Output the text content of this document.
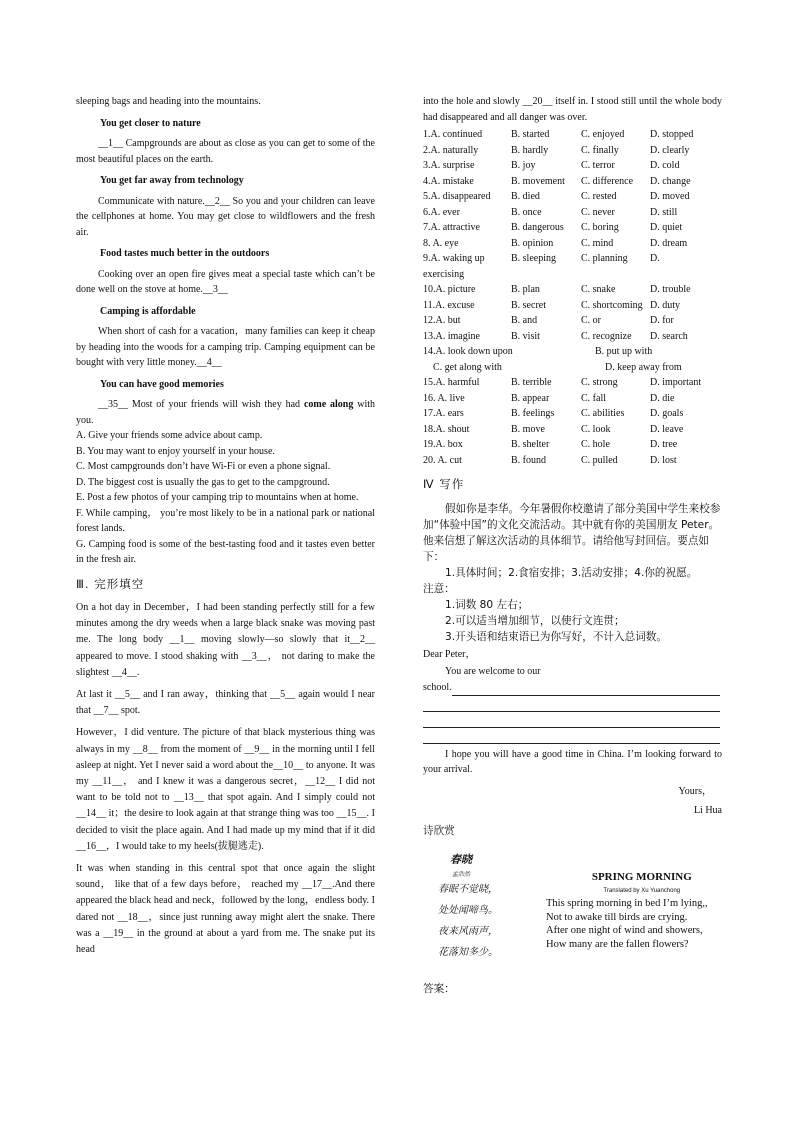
sleeping bags and heading into the mountains.

You get closer to nature

__1__ Campgrounds are about as close as you can get to some of the most beautiful places on the earth.

You get far away from technology

Communicate with nature.__2__ So you and your children can leave the cellphones at home. You may get close to wildflowers and the fresh air.

Food tastes much better in the outdoors

Cooking over an open fire gives meat a special taste which can’t be done well on the stove at home.__3__

Camping is affordable

When short of cash for a vacation，many families can keep it cheap by heading into the woods for a camping trip. Camping equipment can be bought with very little money.__4__

You can have good memories

__35__ Most of your friends will wish they had come along with you.

A. Give your friends some advice about camp.

B. You may want to enjoy yourself in your house.

C. Most campgrounds don’t have Wi-Fi or even a phone signal.

D. The biggest cost is usually the gas to get to the campground.

E. Post a few photos of your camping trip to mountains when at home.

F. While camping， you’re most likely to be in a national park or national forest lands.

G. Camping food is some of the best-tasting food and it tastes even better in the fresh air.

Ⅲ. 完形填空

On a hot day in December，I had been standing perfectly still for a few minutes among the dry weeds when a large black snake was moving past me. The long body __1__ moving slowly—so slowly that it__2__ appeared to move. I stood shaking with __3__， not daring to make the slightest __4__.

At last it __5__ and I ran away，thinking that __5__ again would I near that __7__ spot.

However，I did venture. The picture of that black mysterious thing was always in my __8__ from the moment of __9__ in the morning until I fell asleep at night. Yet I never said a word about the__10__ to anyone. It was my __11__， and I knew it was a dangerous secret，__12__ I did not want to be told not to __13__ that spot again. And I simply could not __14__ it；the desire to look again at that strange thing was too __15__. I decided to visit the place again. And I had made up my mind that if it did __16__，I would take to my heels(拔腿逃走).

It was when standing in this central spot that once again the slight sound， like that of a few days before， reached my __17__.And there appeared the black head and neck，followed by the long，endless body. I dared not __18__，since just running away might alert the snake. There was a __19__ in the ground at about a yard from me. The snake put its head

into the hole and slowly __20__ itself in. I stood still until the whole body had disappeared and all danger was over.

1.A. continued	B. started	C. enjoyed	D. stopped
2.A. naturally	B. hardly	C. finally	D. clearly
3.A. surprise	B. joy	C. terror	D. cold
4.A. mistake	B. movement	C. difference	D. change
5.A. disappeared	B. died	C. rested	D. moved
6.A. ever	B. once	C. never	D. still
7.A. attractive	B. dangerous	C. boring	D. quiet
8. A. eye	B. opinion	C. mind	D. dream
9.A. waking up	B. sleeping	C. planning	D.
exercising
10.A. picture	B. plan	C. snake	D. trouble
11.A. excuse	B. secret	C. shortcoming D. duty
12.A. but	B. and	C. or	D. for
13.A. imagine	B. visit	C. recognize	D. search
14.A. look down upon	B. put up with
C. get along with	D. keep away from
15.A. harmful	B. terrible	C. strong	D. important
16. A. live	B. appear	C. fall	D. die
17.A. ears	B. feelings	C. abilities	D. goals
18.A. shout	B. move	C. look	D. leave
19.A. box	B. shelter	C. hole	D. tree
20. A. cut	B. found	C. pulled	D. lost

Ⅳ 写作

假如你是李华。今年暑假你校邀请了部分美国中学生来校参加“体验中国”的文化交流活动。其中就有你的美国朋友 Peter。他来信想了解这次活动的具体细节。请给他写封回信。要点如下：

1.具体时间；2.食宿安排；3.活动安排；4.你的祝愿。

注意：

1.词数 80 左右；

2.可以适当增加细节，以使行文连贯；

3.开头语和结束语已为你写好，不计入总词数。

Dear Peter，

You are welcome to our

school.

I hope you will have a good time in China. I’m looking forward to your arrival.

Yours，

Li Hua

诗欣赏

春晓
孟浩然
春眠不觉晓，
处处闻啼鸟。
夜来风雨声，
花落知多少。
SPRING MORNING
Translated by Xu Yuanchong
This spring morning in bed I’m lying,,
Not to awake till birds are crying.
After one night of wind and showers,
How many are the fallen flowers?

答案：
